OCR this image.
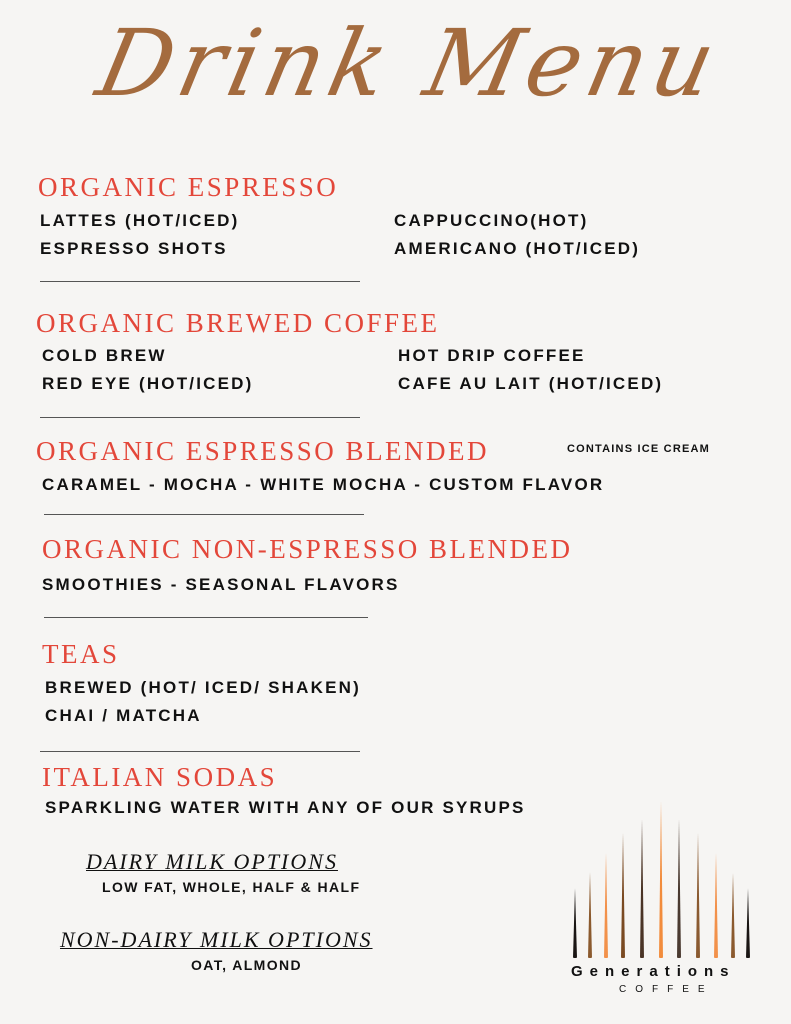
Drink Menu
ORGANIC ESPRESSO
LATTES (HOT/ICED)	CAPPUCCINO(HOT)
ESPRESSO SHOTS	AMERICANO (HOT/ICED)
ORGANIC BREWED COFFEE
COLD BREW	HOT DRIP COFFEE
RED EYE (HOT/ICED)	CAFE AU LAIT (HOT/ICED)
ORGANIC ESPRESSO BLENDED	CONTAINS ICE CREAM
CARAMEL - MOCHA - WHITE MOCHA - CUSTOM FLAVOR
ORGANIC NON-ESPRESSO BLENDED
SMOOTHIES - SEASONAL FLAVORS
TEAS
BREWED (HOT/ ICED/ SHAKEN)
CHAI / MATCHA
ITALIAN SODAS
SPARKLING WATER WITH ANY OF OUR SYRUPS
DAIRY MILK OPTIONS
LOW FAT, WHOLE, HALF & HALF
NON-DAIRY MILK OPTIONS
OAT, ALMOND	Generations
COFFEE
